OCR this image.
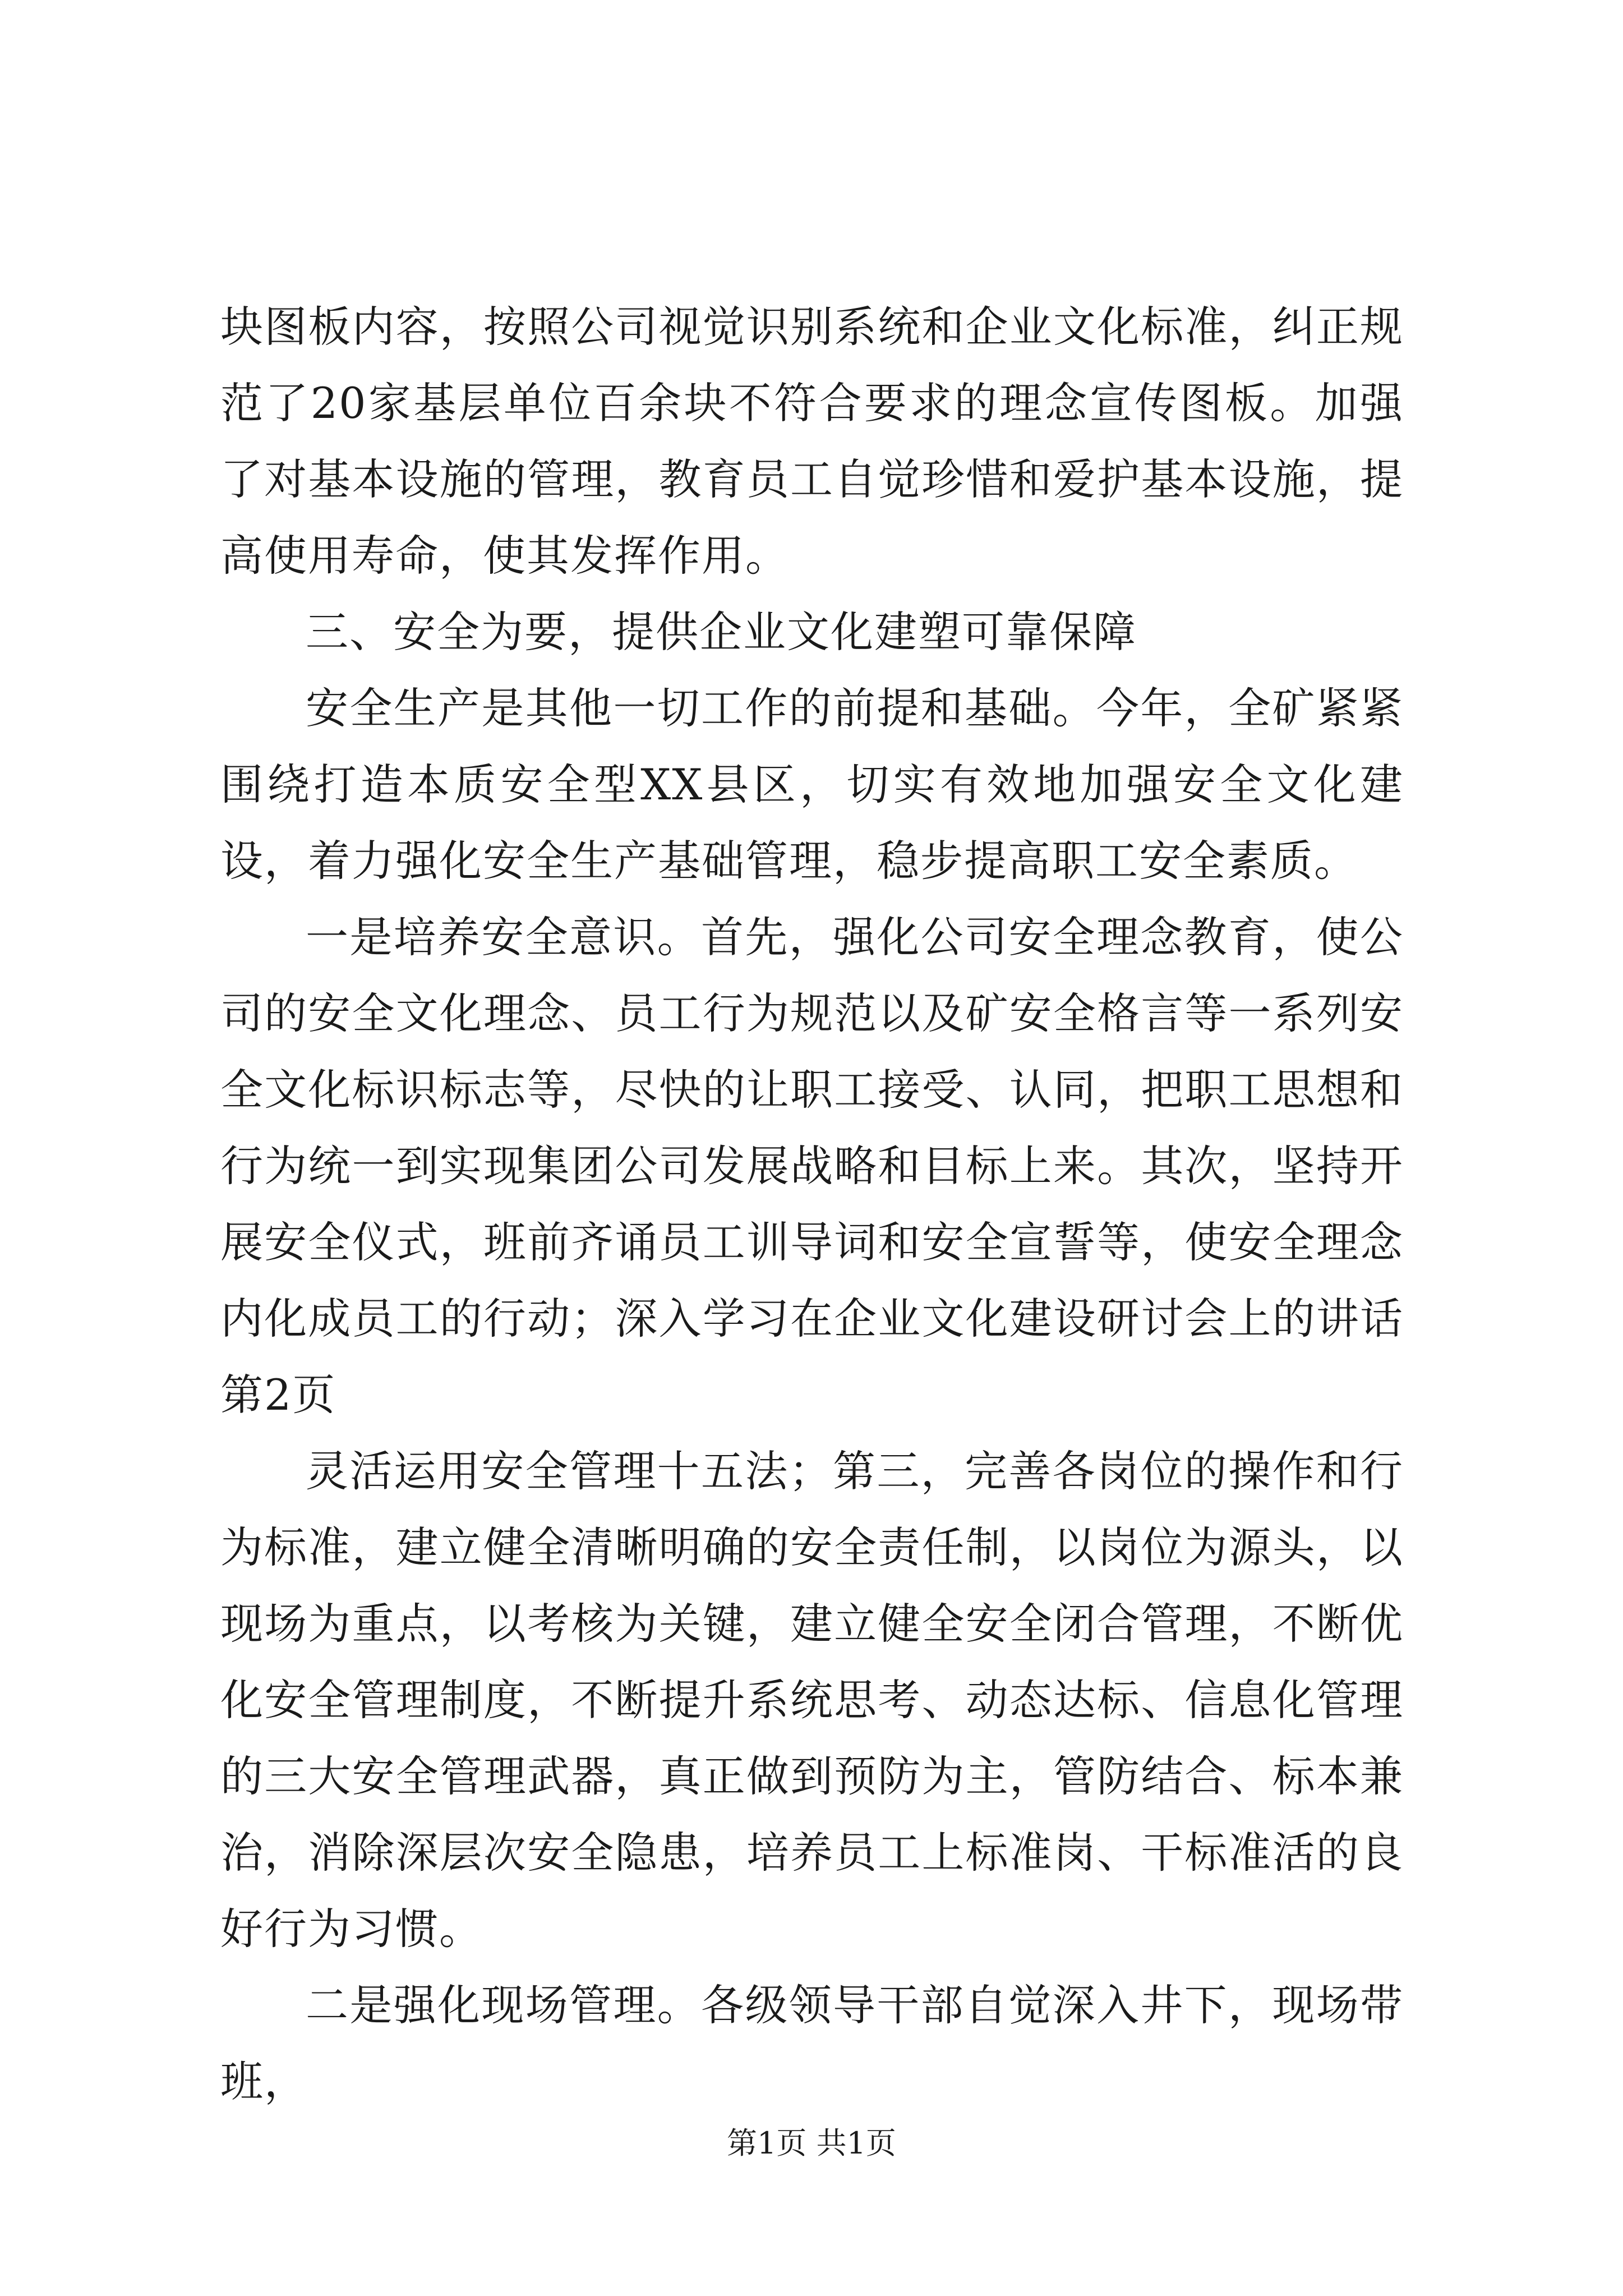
块图板内容，按照公司视觉识别系统和企业文化标准，纠正规范了20家基层单位百余块不符合要求的理念宣传图板。加强了对基本设施的管理，教育员工自觉珍惜和爱护基本设施，提高使用寿命，使其发挥作用。

三、安全为要，提供企业文化建塑可靠保障

安全生产是其他一切工作的前提和基础。今年，全矿紧紧围绕打造本质安全型XX县区，切实有效地加强安全文化建设，着力强化安全生产基础管理，稳步提高职工安全素质。

一是培养安全意识。首先，强化公司安全理念教育，使公司的安全文化理念、员工行为规范以及矿安全格言等一系列安全文化标识标志等，尽快的让职工接受、认同，把职工思想和行为统一到实现集团公司发展战略和目标上来。其次，坚持开展安全仪式，班前齐诵员工训导词和安全宣誓等，使安全理念内化成员工的行动；深入学习在企业文化建设研讨会上的讲话第2页

灵活运用安全管理十五法；第三，完善各岗位的操作和行为标准，建立健全清晰明确的安全责任制，以岗位为源头，以现场为重点，以考核为关键，建立健全安全闭合管理，不断优化安全管理制度，不断提升系统思考、动态达标、信息化管理的三大安全管理武器，真正做到预防为主，管防结合、标本兼治，消除深层次安全隐患，培养员工上标准岗、干标准活的良好行为习惯。

二是强化现场管理。各级领导干部自觉深入井下，现场带班，

第1页 共1页
